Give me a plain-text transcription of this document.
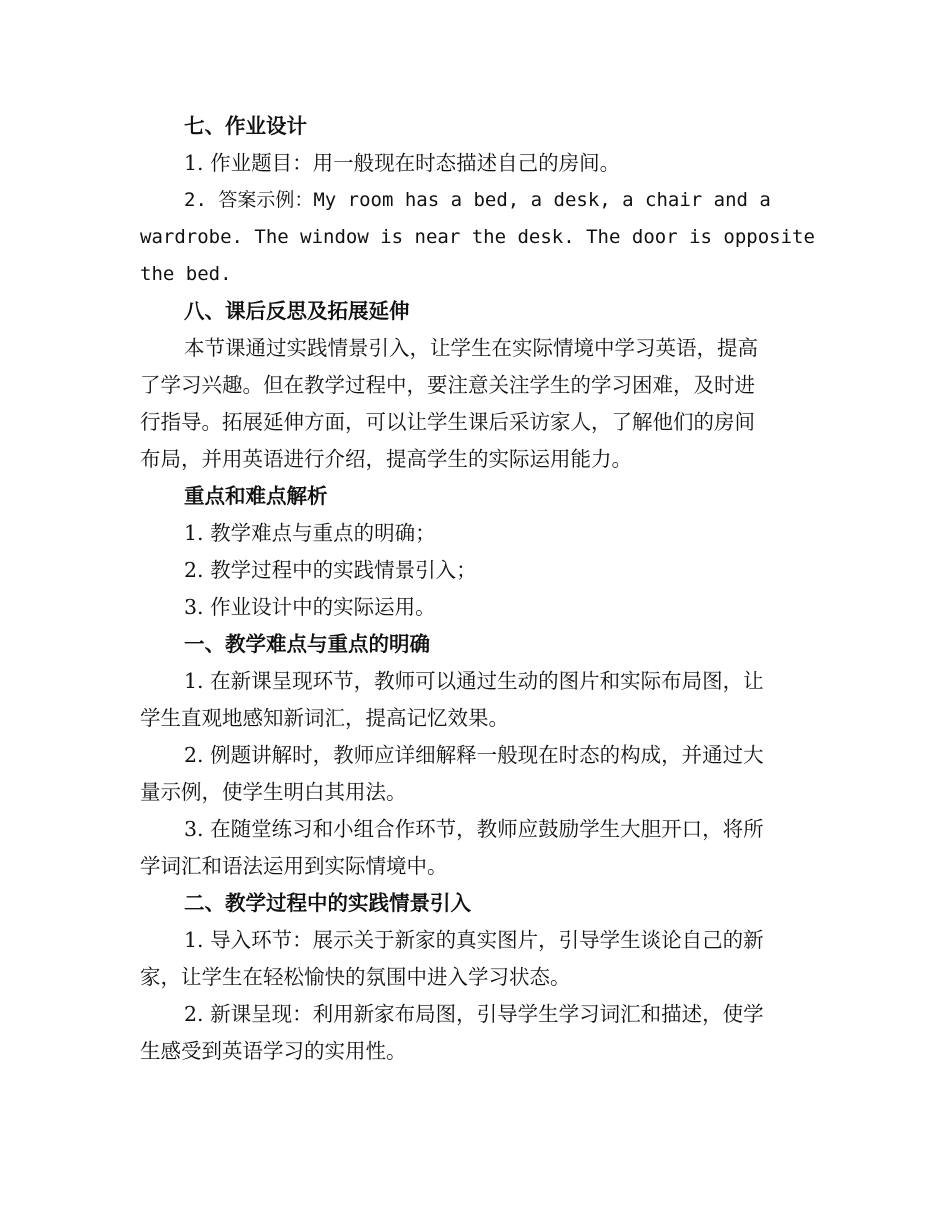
七、作业设计
1. 作业题目：用一般现在时态描述自己的房间。
2. 答案示例：My room has a bed, a desk, a chair and a
wardrobe. The window is near the desk. The door is opposite
the bed.
八、课后反思及拓展延伸
本节课通过实践情景引入，让学生在实际情境中学习英语，提高
了学习兴趣。但在教学过程中，要注意关注学生的学习困难，及时进
行指导。拓展延伸方面，可以让学生课后采访家人，了解他们的房间
布局，并用英语进行介绍，提高学生的实际运用能力。
重点和难点解析
1. 教学难点与重点的明确；
2. 教学过程中的实践情景引入；
3. 作业设计中的实际运用。
一、教学难点与重点的明确
1. 在新课呈现环节，教师可以通过生动的图片和实际布局图，让
学生直观地感知新词汇，提高记忆效果。
2. 例题讲解时，教师应详细解释一般现在时态的构成，并通过大
量示例，使学生明白其用法。
3. 在随堂练习和小组合作环节，教师应鼓励学生大胆开口，将所
学词汇和语法运用到实际情境中。
二、教学过程中的实践情景引入
1. 导入环节：展示关于新家的真实图片，引导学生谈论自己的新
家，让学生在轻松愉快的氛围中进入学习状态。
2. 新课呈现：利用新家布局图，引导学生学习词汇和描述，使学
生感受到英语学习的实用性。
